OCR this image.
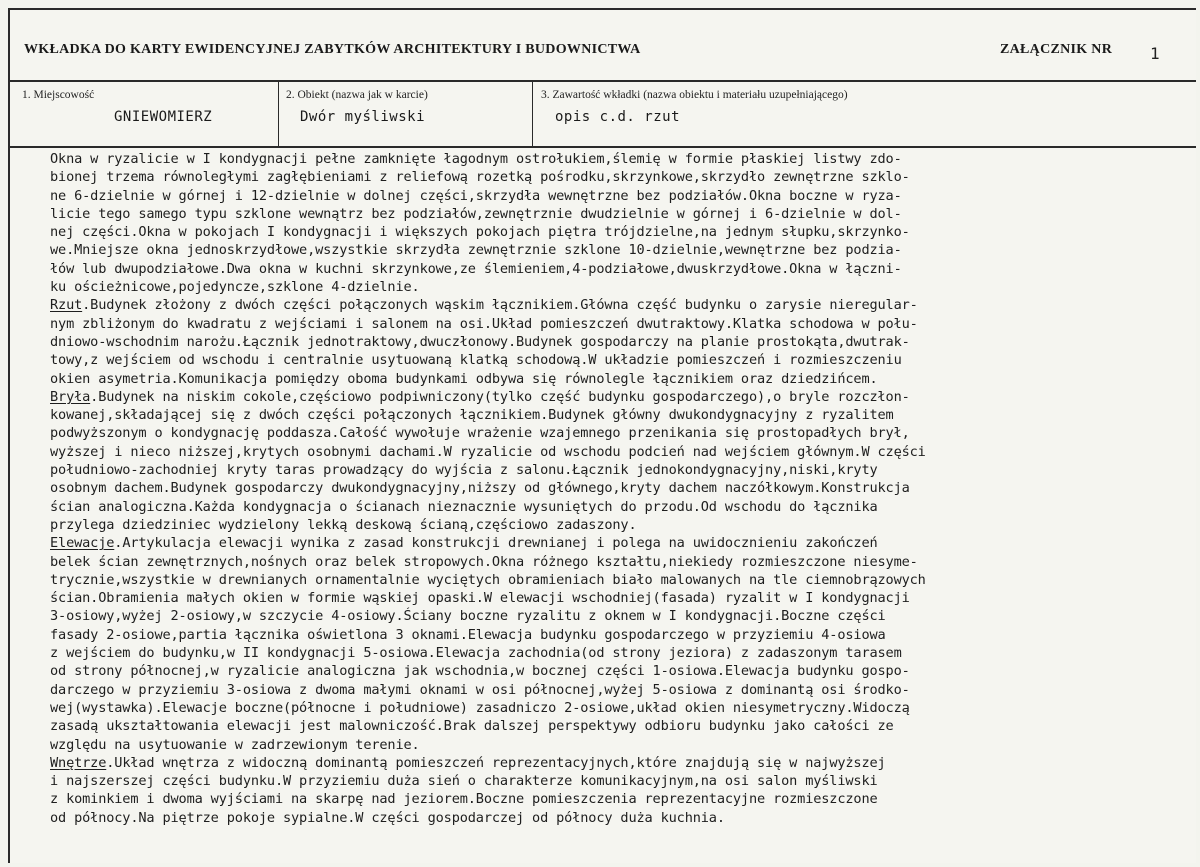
WKŁADKA DO KARTY EWIDENCYJNEJ ZABYTKÓW ARCHITEKTURY I BUDOWNICTWA	ZAŁĄCZNIK NR 1
1. Miejscowość
GNIEWOMIERZ
2. Obiekt (nazwa jak w karcie)
Dwór myśliwski
3. Zawartość wkładki (nazwa obiektu i materiału uzupełniającego)
opis c.d. rzut
Okna w ryzalicie w I kondygnacji pełne zamknięte łagodnym ostrołukiem,ślemię w formie płaskiej listwy zdo-
bionej trzema równoległymi zagłębieniami z reliefową rozetką pośrodku,skrzynkowe,skrzydło zewnętrzne szklo-
ne 6-dzielnie w górnej i 12-dzielnie w dolnej części,skrzydła wewnętrzne bez podziałów.Okna boczne w ryza-
licie tego samego typu szklone wewnątrz bez podziałów,zewnętrznie dwudzielnie w górnej i 6-dzielnie w dol-
nej części.Okna w pokojach I kondygnacji i większych pokojach piętra trójdzielne,na jednym słupku,skrzynko-
we.Mniejsze okna jednoskrzydłowe,wszystkie skrzydła zewnętrznie szklone 10-dzielnie,wewnętrzne bez podzia-
łów lub dwupodziałowe.Dwa okna w kuchni skrzynkowe,ze ślemieniem,4-podziałowe,dwuskrzydłowe.Okna w łączni-
ku ościeżnicowe,pojedyncze,szklone 4-dzielnie.
Rzut.Budynek złożony z dwóch części połączonych wąskim łącznikiem.Główna część budynku o zarysie nieregular-
nym zbliżonym do kwadratu z wejściami i salonem na osi.Układ pomieszczeń dwutraktowy.Klatka schodowa w połu-
dniowo-wschodnim narożu.Łącznik jednotraktowy,dwuczłonowy.Budynek gospodarczy na planie prostokąta,dwutrak-
towy,z wejściem od wschodu i centralnie usytuowaną klatką schodową.W układzie pomieszczeń i rozmieszczeniu
okien asymetria.Komunikacja pomiędzy oboma budynkami odbywa się równolegle łącznikiem oraz dziedzińcem.
Bryła.Budynek na niskim cokole,częściowo podpiwniczony(tylko część budynku gospodarczego),o bryle rozczłon-
kowanej,składającej się z dwóch części połączonych łącznikiem.Budynek główny dwukondygnacyjny z ryzalitem
podwyższonym o kondygnację poddasza.Całość wywołuje wrażenie wzajemnego przenikania się prostopadłych brył,
wyższej i nieco niższej,krytych osobnymi dachami.W ryzalicie od wschodu podcień nad wejściem głównym.W części
południowo-zachodniej kryty taras prowadzący do wyjścia z salonu.Łącznik jednokondygnacyjny,niski,kryty
osobnym dachem.Budynek gospodarczy dwukondygnacyjny,niższy od głównego,kryty dachem naczółkowym.Konstrukcja
ścian analogiczna.Każda kondygnacja o ścianach nieznacznie wysuniętych do przodu.Od wschodu do łącznika
przylega dziedziniec wydzielony lekką deskową ścianą,częściowo zadaszony.
Elewacje.Artykulacja elewacji wynika z zasad konstrukcji drewnianej i polega na uwidocznieniu zakończeń
belek ścian zewnętrznych,nośnych oraz belek stropowych.Okna różnego kształtu,niekiedy rozmieszczone niesyme-
trycznie,wszystkie w drewnianych ornamentalnie wyciętych obramieniach biało malowanych na tle ciemnobrązowych
ścian.Obramienia małych okien w formie wąskiej opaski.W elewacji wschodniej(fasada) ryzalit w I kondygnacji
3-osiowy,wyżej 2-osiowy,w szczycie 4-osiowy.Ściany boczne ryzalitu z oknem w I kondygnacji.Boczne części
fasady 2-osiowe,partia łącznika oświetlona 3 oknami.Elewacja budynku gospodarczego w przyziemiu 4-osiowa
z wejściem do budynku,w II kondygnacji 5-osiowa.Elewacja zachodnia(od strony jeziora) z zadaszonym tarasem
od strony północnej,w ryzalicie analogiczna jak wschodnia,w bocznej części 1-osiowa.Elewacja budynku gospo-
darczego w przyziemiu 3-osiowa z dwoma małymi oknami w osi północnej,wyżej 5-osiowa z dominantą osi środko-
wej(wystawka).Elewacje boczne(północne i południowe) zasadniczo 2-osiowe,układ okien niesymetryczny.Widoczą
zasadą ukształtowania elewacji jest malowniczość.Brak dalszej perspektywy odbioru budynku jako całości ze
względu na usytuowanie w zadrzewionym terenie.
Wnętrze.Układ wnętrza z widoczną dominantą pomieszczeń reprezentacyjnych,które znajdują się w najwyższej
i najszerszej części budynku.W przyziemiu duża sień o charakterze komunikacyjnym,na osi salon myśliwski
z kominkiem i dwoma wyjściami na skarpę nad jeziorem.Boczne pomieszczenia reprezentacyjne rozmieszczone
od północy.Na piętrze pokoje sypialne.W części gospodarczej od północy duża kuchnia.
